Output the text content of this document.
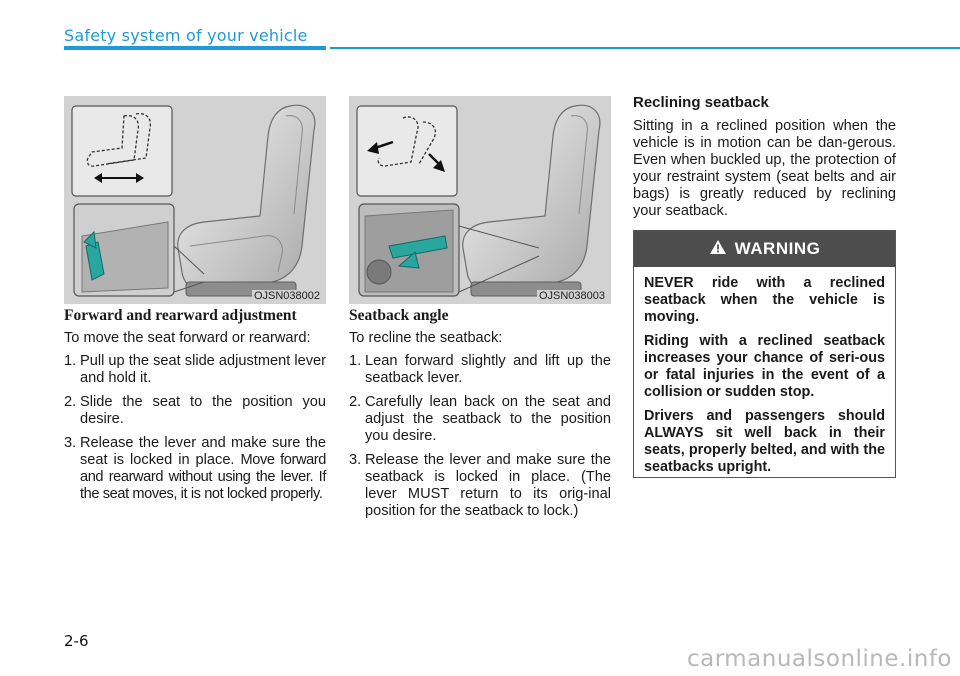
Safety system of your vehicle
OJSN038002	OJSN038003
Forward and rearward adjustment

To move the seat forward or rearward:

1. Pull up the seat slide adjustment lever and hold it.
2. Slide the seat to the position you desire.
3. Release the lever and make sure the seat is locked in place. Move forward and rearward without using the lever. If the seat moves, it is not locked properly.
Seatback angle

To recline the seatback:

1. Lean forward slightly and lift up the seatback lever.
2. Carefully lean back on the seat and adjust the seatback to the position you desire.
3. Release the lever and make sure the seatback is locked in place. (The lever MUST return to its orig-inal position for the seatback to lock.)
Reclining seatback

Sitting in a reclined position when the vehicle is in motion can be dan-gerous. Even when buckled up, the protection of your restraint system (seat belts and air bags) is greatly reduced by reclining your seatback.

WARNING

NEVER ride with a reclined seatback when the vehicle is moving.

Riding with a reclined seatback increases your chance of seri-ous or fatal injuries in the event of a collision or sudden stop.

Drivers and passengers should ALWAYS sit well back in their seats, properly belted, and with the seatbacks upright.

2-6
carmanualsonline.info
